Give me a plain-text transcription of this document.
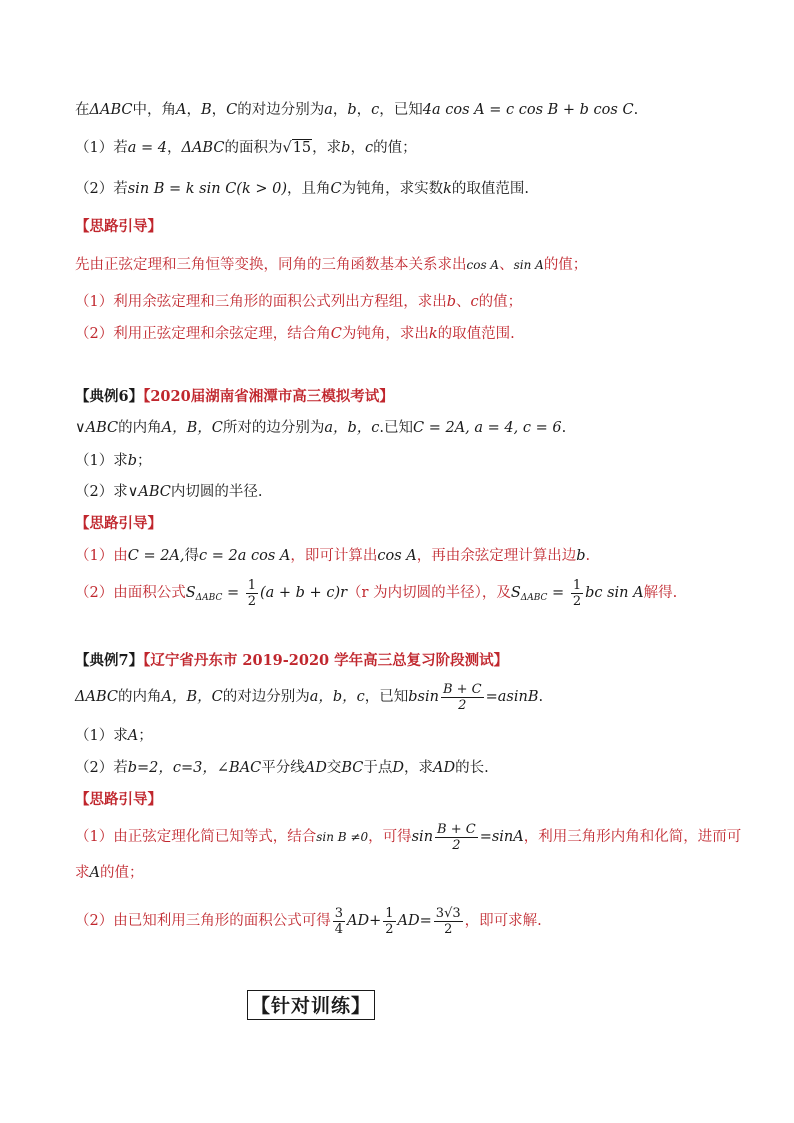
在ΔABC中，角A，B，C的对边分别为a，b，c，已知4a cos A = c cos B + b cos C.
（1）若a = 4，ΔABC的面积为√15，求b，c的值；
（2）若sin B = k sin C(k > 0)，且角C为钝角，求实数k的取值范围.
【思路引导】
先由正弦定理和三角恒等变换，同角的三角函数基本关系求出cos A、sin A的值；
（1）利用余弦定理和三角形的面积公式列出方程组，求出b、c的值；
（2）利用正弦定理和余弦定理，结合角C为钝角，求出k的取值范围.
【典例6】【2020届湖南省湘潭市高三模拟考试】
∨ABC的内角A，B，C所对的边分别为a，b，c.已知C = 2A, a = 4, c = 6.
（1）求b；
（2）求∨ABC内切圆的半径.
【思路引导】
（1）由C = 2A,得c = 2a cos A，即可计算出cos A，再由余弦定理计算出边b.
（2）由面积公式$S_{\Delta ABC} = \frac{1}{2} (a + b + c)r(r$ 为内切圆的半径），及$S_{\Delta ABC} = \frac{1}{2}$ bc sin A解得.
【典例7】【辽宁省丹东市 2019-2020 学年高三总复习阶段测试】
ΔABC的内角A，B，C的对边分别为a，b，c，已知bsin $\frac{B + C}{2} =asinB$.
（1）求A；
（2）若b=2，c=3，∠BAC平分线AD交BC于点D，求AD的长.
【思路引导】
（1）由正弦定理化简已知等式，结合sin B ≠0，可得$\sin \frac{B + C}{2} =\sin A$，利用三角形内角和化简，进而可
求A的值；
（2）由已知利用三角形的面积公式可得 $\frac{3}{4} AD+ \frac{1}{2} AD= \frac{3√3}{2}$ ，即可求解.
【针对训练】
